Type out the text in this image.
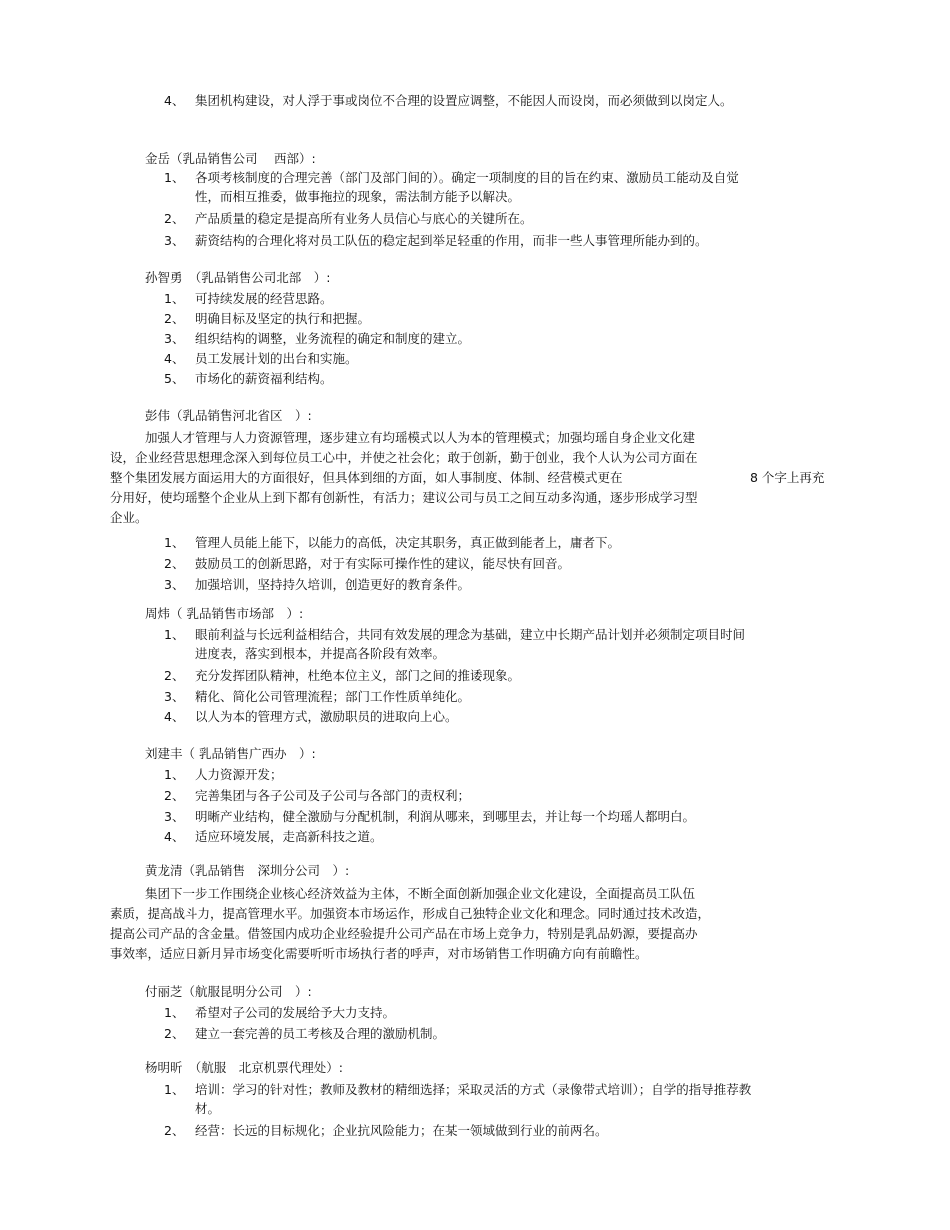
4、 集团机构建设，对人浮于事或岗位不合理的设置应调整，不能因人而设岗，而必须做到以岗定人。
金岳（乳品销售公司　 西部）:
1、 各项考核制度的合理完善（部门及部门间的）。确定一项制度的目的旨在约束、激励员工能动及自觉性，而相互推委，做事拖拉的现象，需法制方能予以解决。
2、 产品质量的稳定是提高所有业务人员信心与底心的关键所在。
3、 薪资结构的合理化将对员工队伍的稳定起到举足轻重的作用，而非一些人事管理所能办到的。
孙智勇　（乳品销售公司北部　）:
1、 可持续发展的经营思路。
2、 明确目标及坚定的执行和把握。
3、 组织结构的调整，业务流程的确定和制度的建立。
4、 员工发展计划的出台和实施。
5、 市场化的薪资福利结构。
彭伟（乳品销售河北省区　）:
加强人才管理与人力资源管理，逐步建立有均瑶模式以人为本的管理模式；加强均瑶自身企业文化建
设，企业经营思想理念深入到每位员工心中，并使之社会化；敢于创新，勤于创业，我个人认为公司方面在
整个集团发展方面运用大的方面很好，但具体到细的方面，如人事制度、体制、经营模式更在
分用好，使均瑶整个企业从上到下都有创新性，有活力；建议公司与员工之间互动多沟通，逐步形成学习型
企业。
8 个字上再充
1、 管理人员能上能下，以能力的高低，决定其职务，真正做到能者上，庸者下。
2、 鼓励员工的创新思路，对于有实际可操作性的建议，能尽快有回音。
3、 加强培训，坚持持久培训，创造更好的教育条件。
周炜（ 乳品销售市场部　）:
1、 眼前利益与长远利益相结合，共同有效发展的理念为基础，建立中长期产品计划并必须制定项目时间进度表，落实到根本，并提高各阶段有效率。
2、 充分发挥团队精神，杜绝本位主义，部门之间的推诿现象。
3、 精化、简化公司管理流程；部门工作性质单纯化。
4、 以人为本的管理方式，激励职员的进取向上心。
刘建丰（ 乳品销售广西办　）:
1、 人力资源开发；
2、 完善集团与各子公司及子公司与各部门的责权利；
3、 明晰产业结构，健全激励与分配机制，利润从哪来，到哪里去，并让每一个均瑶人都明白。
4、 适应环境发展，走高新科技之道。
黄龙清（乳品销售　深圳分公司　）:
集团下一步工作围绕企业核心经济效益为主体，不断全面创新加强企业文化建设，全面提高员工队伍
素质，提高战斗力，提高管理水平。加强资本市场运作，形成自己独特企业文化和理念。同时通过技术改造，
提高公司产品的含金量。借签国内成功企业经验提升公司产品在市场上竞争力，特别是乳品奶源，要提高办
事效率，适应日新月异市场变化需要听听市场执行者的呼声，对市场销售工作明确方向有前瞻性。
付丽芝（航服昆明分公司　）:
1、 希望对子公司的发展给予大力支持。
2、 建立一套完善的员工考核及合理的激励机制。
杨明昕　（航服　北京机票代理处）:
1、 培训：学习的针对性；教师及教材的精细选择；采取灵活的方式（录像带式培训）；自学的指导推荐教材。
2、 经营：长远的目标规化；企业抗风险能力；在某一领域做到行业的前两名。
